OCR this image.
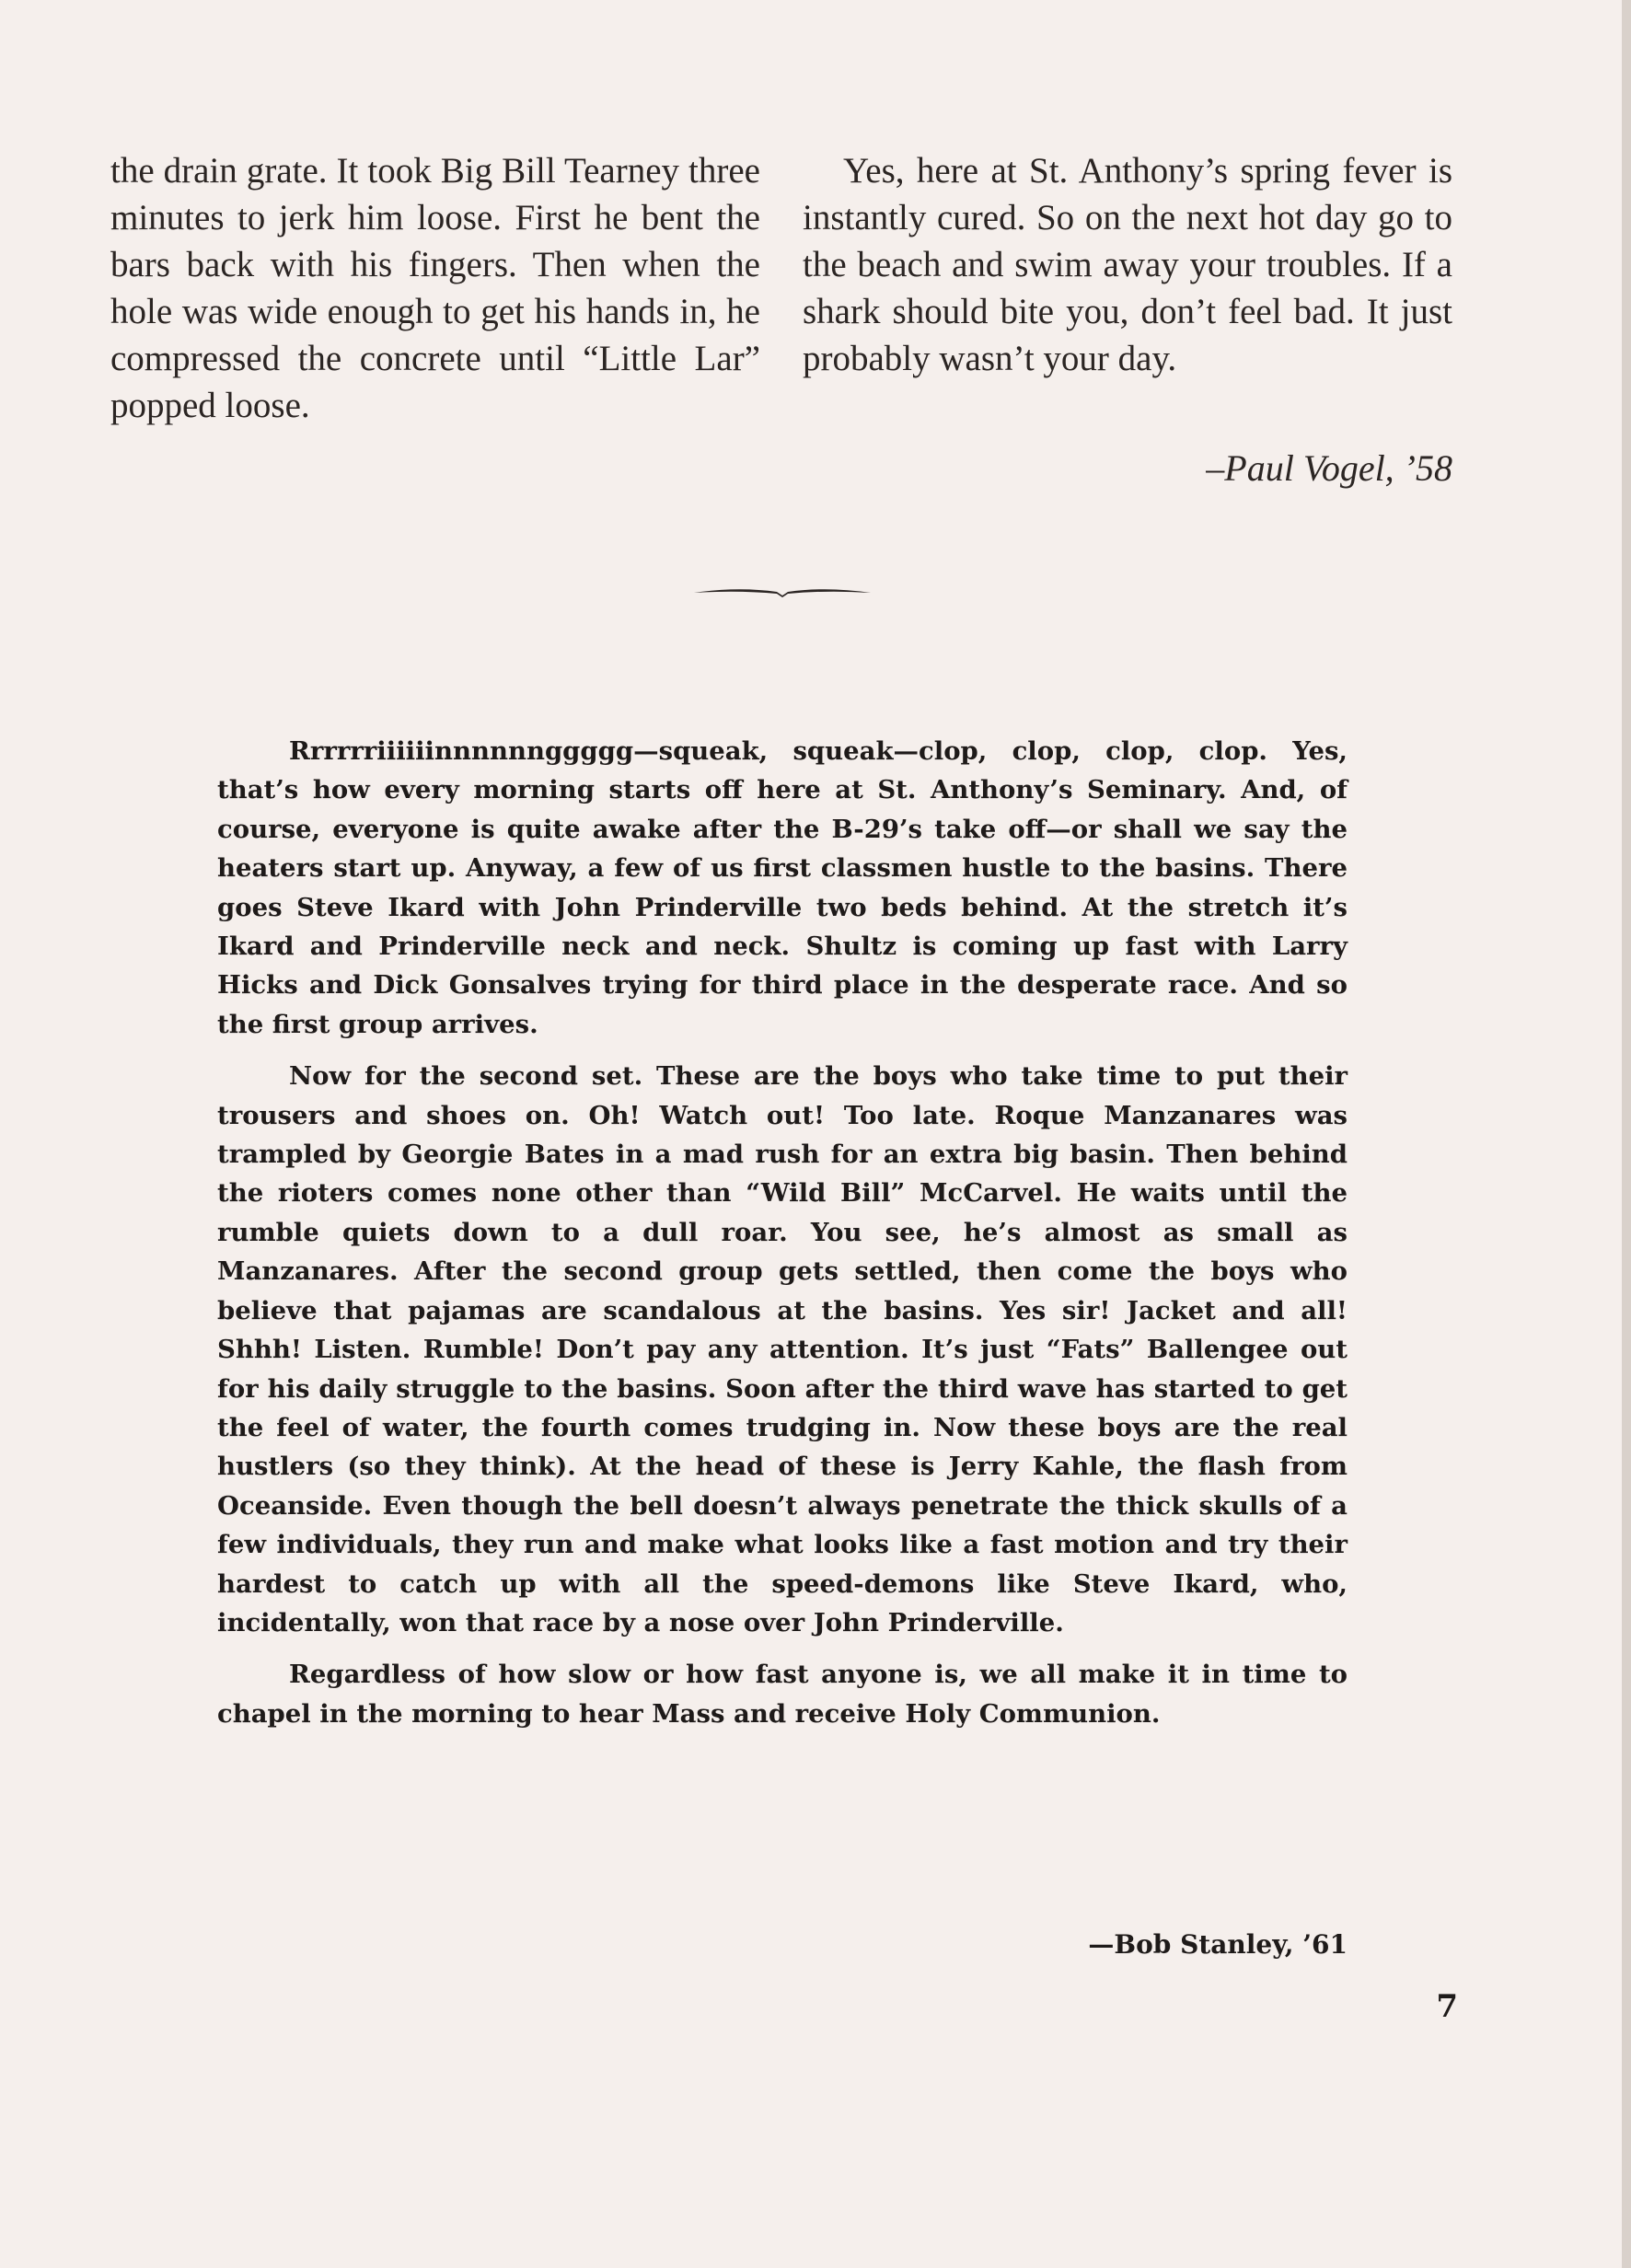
the drain grate. It took Big Bill Tearney three minutes to jerk him loose. First he bent the bars back with his fingers. Then when the hole was wide enough to get his hands in, he compressed the concrete until “Little Lar” popped loose.

Yes, here at St. Anthony’s spring fever is instantly cured. So on the next hot day go to the beach and swim away your troubles. If a shark should bite you, don’t feel bad. It just probably wasn’t your day.

–Paul Vogel, ’58

Rrrrrriiiiiinnnnnnggggg—squeak, squeak—clop, clop, clop, clop. Yes, that’s how every morning starts off here at St. Anthony’s Seminary. And, of course, everyone is quite awake after the B-29’s take off—or shall we say the heaters start up. Anyway, a few of us first classmen hustle to the basins. There goes Steve Ikard with John Prinderville two beds behind. At the stretch it’s Ikard and Prinderville neck and neck. Shultz is coming up fast with Larry Hicks and Dick Gonsalves trying for third place in the desperate race. And so the first group arrives.

Now for the second set. These are the boys who take time to put their trousers and shoes on. Oh! Watch out! Too late. Roque Manzanares was trampled by Georgie Bates in a mad rush for an extra big basin. Then behind the rioters comes none other than “Wild Bill” McCarvel. He waits until the rumble quiets down to a dull roar. You see, he’s almost as small as Manzanares. After the second group gets settled, then come the boys who believe that pajamas are scandalous at the basins. Yes sir! Jacket and all! Shhh! Listen. Rumble! Don’t pay any attention. It’s just “Fats” Ballengee out for his daily struggle to the basins. Soon after the third wave has started to get the feel of water, the fourth comes trudging in. Now these boys are the real hustlers (so they think). At the head of these is Jerry Kahle, the flash from Oceanside. Even though the bell doesn’t always penetrate the thick skulls of a few individuals, they run and make what looks like a fast motion and try their hardest to catch up with all the speed-demons like Steve Ikard, who, incidentally, won that race by a nose over John Prinderville.

Regardless of how slow or how fast anyone is, we all make it in time to chapel in the morning to hear Mass and receive Holy Communion.

—Bob Stanley, ’61
7
